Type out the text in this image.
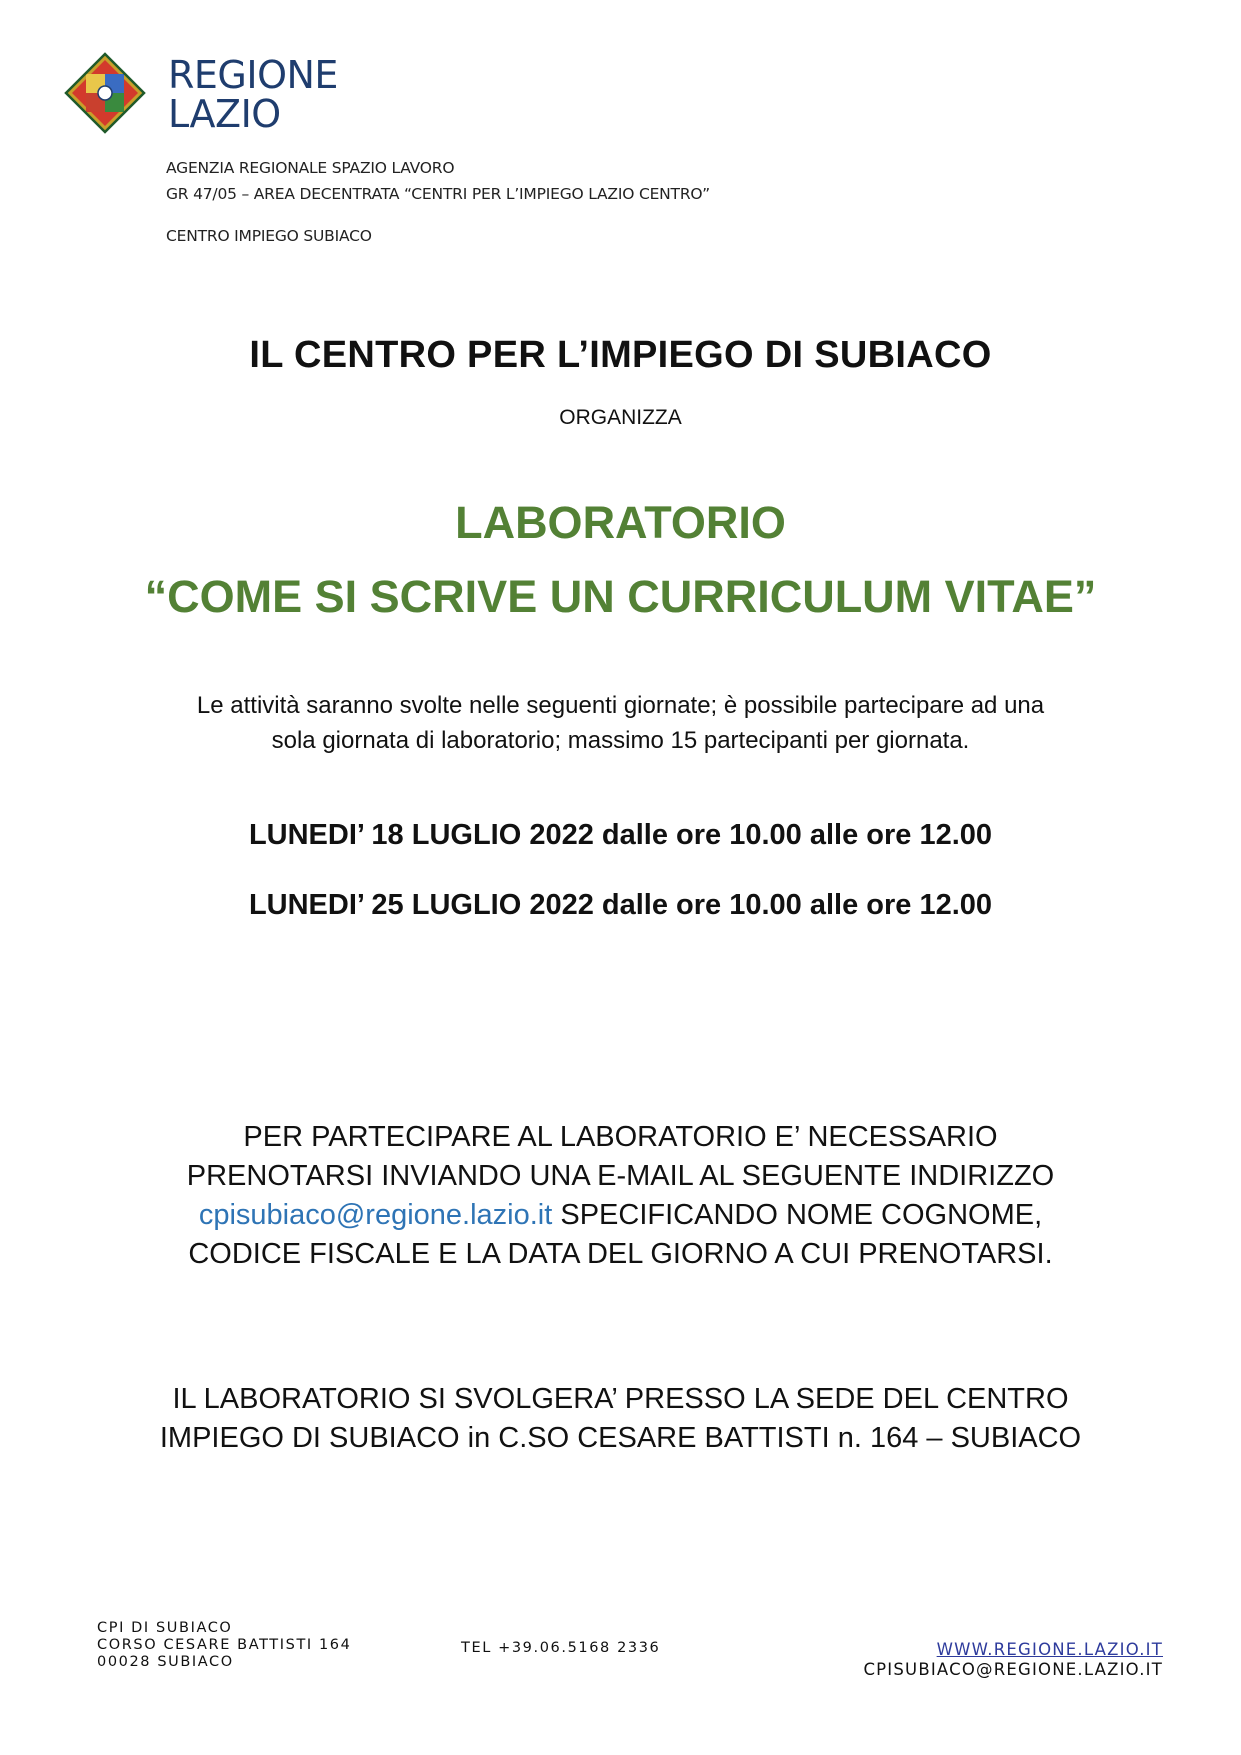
REGIONE
LAZIO
AGENZIA REGIONALE SPAZIO LAVORO
GR 47/05 – AREA DECENTRATA “CENTRI PER L’IMPIEGO LAZIO CENTRO”
CENTRO IMPIEGO SUBIACO
IL CENTRO PER L’IMPIEGO DI SUBIACO
ORGANIZZA
LABORATORIO
“COME SI SCRIVE UN CURRICULUM VITAE”
Le attività saranno svolte nelle seguenti giornate; è possibile partecipare ad una
sola giornata di laboratorio; massimo 15 partecipanti per giornata.
LUNEDI’ 18 LUGLIO 2022 dalle ore 10.00 alle ore 12.00
LUNEDI’ 25 LUGLIO 2022 dalle ore 10.00 alle ore 12.00
PER PARTECIPARE AL LABORATORIO E’ NECESSARIO
PRENOTARSI INVIANDO UNA E-MAIL AL SEGUENTE INDIRIZZO
cpisubiaco@regione.lazio.it SPECIFICANDO NOME COGNOME,
CODICE FISCALE E LA DATA DEL GIORNO A CUI PRENOTARSI.
IL LABORATORIO SI SVOLGERA’ PRESSO LA SEDE DEL CENTRO
IMPIEGO DI SUBIACO in C.SO CESARE BATTISTI n. 164 – SUBIACO
CPI DI SUBIACO
CORSO CESARE BATTISTI 164
00028 SUBIACO
TEL +39.06.5168 2336	WWW.REGIONE.LAZIO.IT
CPISUBIACO@REGIONE.LAZIO.IT
